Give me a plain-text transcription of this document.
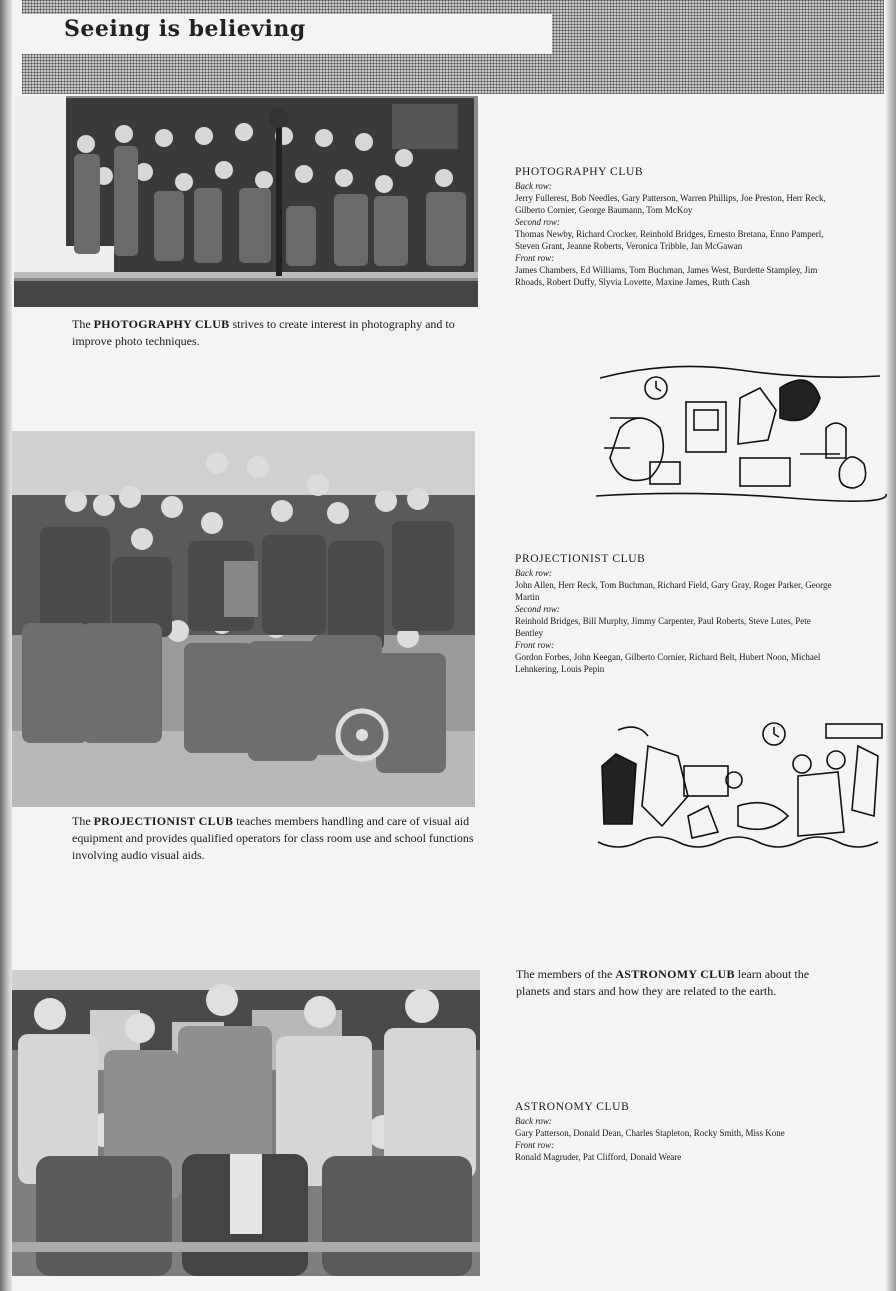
Seeing is believing
PHOTOGRAPHY CLUB

Back row:

Jerry Fullerest, Bob Needles, Gary Patterson, Warren Phillips, Joe Preston, Herr Reck, Gilberto Cornier, George Baumann, Tom McKoy

Second row:

Thomas Newby, Richard Crocker, Reinhold Bridges, Ernesto Bretana, Enno Pamperl, Steven Grant, Jeanne Roberts, Veronica Tribble, Jan McGawan

Front row:

James Chambers, Ed Williams, Tom Buchman, James West, Burdette Stampley, Jim Rhoads, Robert Duffy, Slyvia Lovette, Maxine James, Ruth Cash

The PHOTOGRAPHY CLUB strives to create interest in photography and to improve photo techniques.

PROJECTIONIST CLUB

Back row:

John Allen, Herr Reck, Tom Buchman, Richard Field, Gary Gray, Roger Parker, George Martin

Second row:

Reinhold Bridges, Bill Murphy, Jimmy Carpenter, Paul Roberts, Steve Lutes, Pete Bentley

Front row:

Gordon Forbes, John Keegan, Gilberto Cornier, Richard Belt, Hubert Noon, Michael Lehnkering, Louis Pepin

The PROJECTIONIST CLUB teaches members handling and care of visual aid equipment and provides qualified operators for class room use and school functions involving audio visual aids.

The members of the ASTRONOMY CLUB learn about the planets and stars and how they are related to the earth.

ASTRONOMY CLUB

Back row:

Gary Patterson, Donald Dean, Charles Stapleton, Rocky Smith, Miss Kone

Front row:

Ronald Magruder, Pat Clifford, Donald Weare
